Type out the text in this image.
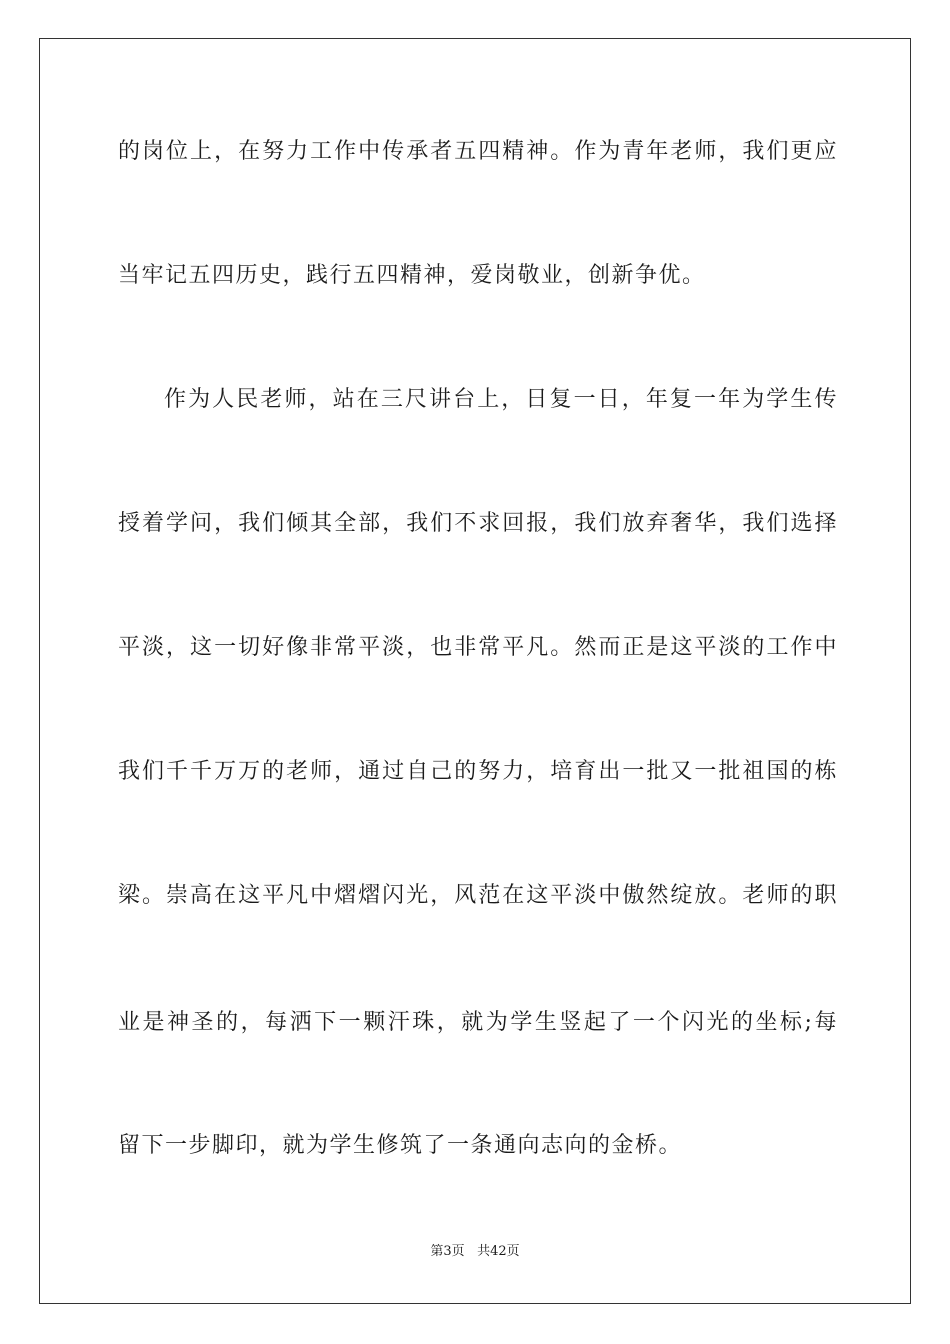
的岗位上，在努力工作中传承者五四精神。作为青年老师，我们更应
当牢记五四历史，践行五四精神，爱岗敬业，创新争优。
作为人民老师，站在三尺讲台上，日复一日，年复一年为学生传
授着学问，我们倾其全部，我们不求回报，我们放弃奢华，我们选择
平淡，这一切好像非常平淡，也非常平凡。然而正是这平淡的工作中
我们千千万万的老师，通过自己的努力，培育出一批又一批祖国的栋
梁。崇高在这平凡中熠熠闪光，风范在这平淡中傲然绽放。老师的职
业是神圣的，每洒下一颗汗珠，就为学生竖起了一个闪光的坐标;每
留下一步脚印，就为学生修筑了一条通向志向的金桥。
第3页 共42页
